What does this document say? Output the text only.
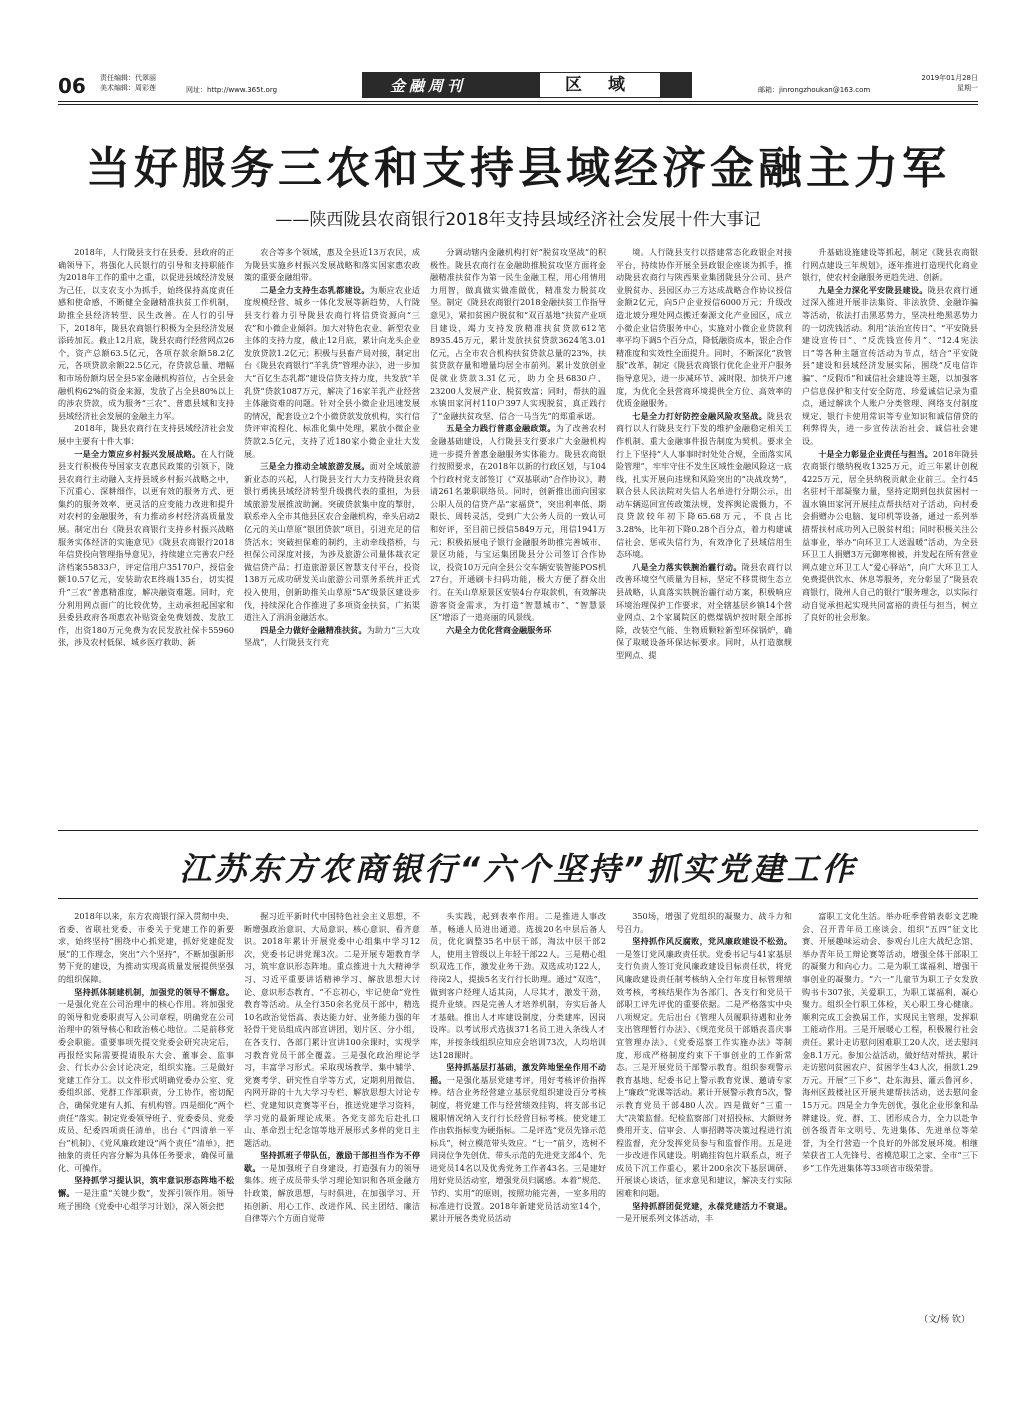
06 责任编辑：代翠丽
美术编辑：周彩莲	网址：http://www.365t.org	金融周刊	区 域	邮箱：jinrongzhoukan@163.com
2019年01月28日
星期一
当好服务三农和支持县域经济金融主力军
——陕西陇县农商银行2018年支持县域经济社会发展十件大事记

2018年，人行陇县支行在县委、县政府的正确领导下，将强化人民银行的引导和支持职能作为2018年工作的重中之重，以促进县域经济发展为己任，以支农支小为抓手，始终保持高度责任感和使命感，不断健全金融精准扶贫工作机制，助推全县经济转型、民生改善。在人行的引导下，2018年，陇县农商银行积极为全县经济发展添砖加瓦。截止12月底，陇县农商行经营网点26个，资产总额63.5亿元，各项存款余额58.2亿元，各项贷款余额22.5亿元，存贷款总量、增幅和市场份额均居全县5家金融机构首位，占全县金融机构62%的资金来源，发放了占全县80%以上的涉农贷款，成为服务“三农”、普惠县域和支持县域经济社会发展的金融主力军。

2018年，陇县农商行在支持县域经济社会发展中主要有十件大事：

一是全力策应乡村振兴发展战略。在人行陇县支行积极传导国家支农惠民政策的引领下，陇县农商行主动融入支持县域乡村振兴战略之中，下沉重心、深耕细作，以更有效的服务方式、更集约的服务效率、更灵活的应变能力改进和提升对农村的金融服务，有力推动乡村经济高质量发展。制定出台《陇县农商银行支持乡村振兴战略服务实体经济的实施意见》《陇县农商银行2018年信贷投向管理指导意见》，持续建立完善农户经济档案55833户，评定信用户35170户，授信金额10.57亿元，安装助农E终端135台，切实提升“三农”普惠精准度，解决融资难题。同时，充分利用网点面广的比较优势，主动承担起国家和县委县政府各项惠农补贴资金免费划拨、发放工作，出资180万元免费为农民发放社保卡55960张，涉及农村低保、城乡医疗救助、新

农合等多个领域，惠及全县近13万农民，成为陇县实施乡村振兴发展战略和落实国家惠农政策的重要金融组带。

二是全力支持生态乳都建设。为顺应农业适度规模经营、城乡一体化发展等新趋势，人行陇县支行着力引导陇县农商行将信贷资源向“三农”和小微企业倾斜。加大对特色农业、新型农业主体的支持力度，截止12月底，累计向龙头企业发放贷款1.2亿元；积极与县畜产局对接，制定出台《陇县农商银行“羊乳贷”管理办法》，进一步加大“百亿生态乳都”建设信贷支持力度，共发放“羊乳贷”贷款1087万元，解决了16家羊乳产业经营主体融资难的问题。针对全县小微企业迅速发展的情况，配套设立2个小微贷款发放机构，实行信贷评审流程化、标准化集中处理，累放小微企业贷款2.5亿元，支持了近180家小微企业壮大发展。

三是全力推动全域旅游发展。面对全域旅游新业态的兴起，人行陇县支行大力支持陇县农商银行勇挑县域经济转型升级携代表的重担，为县域旅游发展推波助澜。突破贷款集中度的掣肘，联系牵入全市其他县区农合金融机构，牵头启动2亿元的关山草原“银团贷款”项目，引进充足的信贷活水；突破担保难的制约，主动牵线搭桥，与担保公司深度对接，为涉及旅游公司量体裁衣定做信贷产品；打造旅游景区智慧支付平台，投资138万元成功研发关山旅游公司票务系统并正式投入使用，创新助推关山草原“5A”级景区建设步伐，持续深化合作推进了多项资金扶贫，广拓渠道注入了涓涓金融活水。

四是全力做好金融精准扶贫。为助力“三大攻坚战”，人行陇县支行充

分调动辖内金融机构打好“脱贫攻坚战”的积极性。陇县农商行在金融助推脱贫攻坚方面将金融精准扶贫作为第一民生金融工程，用心用情用力用智，做真做实做准做优，精准发力脱贫攻坚。制定《陇县农商银行2018金融扶贫工作指导意见》，紧扣贫困户脱贫和“双百基地”扶贫产业项目建设，竭力支持发放精准扶贫贷款612笔8935.45万元，累计发放扶贫贷款3624笔3.01亿元，占全市农合机构扶贫贷款总量的23%，扶贫贷款存量和增量均居全市前列。累计发放创业促就业贷款3.31亿元，助力全县6830户、23200人发展产业、脱贫致富；同时，帮扶的温水镇田家河村110户397人实现脱贫，真正践行了“金融扶贫攻坚、信合一马当先”的郑重承诺。

五是全力践行普惠金融政策。为了改善农村金融基础建设，人行陇县支行要求广大金融机构进一步提升普惠金融服务实体能力。陇县农商银行按照要求，在2018年以新的行政区划，与104个行政村党支部签订《“双基联动”合作协议》，聘请261名兼职联络员。同时，创新推出面向国家公职人员的信贷产品“家福贷”，突出利率低、期限长、周转灵活，受到广大公务人员的一致认可和好评，至目前已授信5849万元，用信1941万元；积极拓展电子银行金融服务助推完善城市、景区功能，与宝运集团陇县分公司签订合作协议，投资10万元向全县公交车辆安装智能POS机27台，开通刷卡扫码功能，极大方便了群众出行。在关山草原景区安装4台存取款机，有效解决游客资金需求，为打造“智慧城市”、“智慧景区”增添了一道亮丽的风景线。

六是全力优化营商金融服务环

境。人行陇县支行以搭建常态化政银企对接平台，持续协作开展全县政银企座谈为抓手，推动陇县农商行与陕西果业集团陇县分公司、县产业脱贫办、县园区办三方达成战略合作协议授信金额2亿元，向5户企业授信6000万元；升级改造北坡分理处网点搬迁秦源文化产业园区，成立小微企业信贷服务中心，实施对小微企业贷款利率平均下调5个百分点，降低融资成本，银企合作精准度和实效性全面提升。同时，不断深化“放管服”改革，制定《陇县农商银行优化企业开户服务指导意见》，进一步减环节、减时限、加快开户速度，为优化全县营商环境提供全方位、高效率的优质金融服务。

七是全力打好防控金融风险攻坚战。陇县农商行以人行陇县支行下发的维护金融稳定相关工作机制、重大金融事件报告制度为契机。要求全行上下坚持“人人事事时时处处合规，全面落实风险管理”，牢牢守住不发生区域性金融风险这一底线，扎实开展向违规和风险突出的“决战攻势”，联合县人民法院对失信人名单进行分期公示，出动车辆巡回宣传政策法规，发挥舆论震慑力，不良贷款较年初下降65.68万元，不良占比3.28%，比年初下降0.28个百分点，着力构建诚信社会、惩戒失信行为，有效净化了县域信用生态环境。

八是全力落实铁腕治霾行动。陇县农商行以改善环境空气质量为目标，坚定不移贯彻生态立县战略，认真落实铁腕治霾行动方案，积极响应环境治理保护工作要求，对全辖基层乡镇14个营业网点、2个家属院区的燃煤锅炉按时限全部拆除，改装空气能、生物质颗粒新型环保锅炉，确保了取暖设备环保达标要求。同时，从打造旗舰型网点、提

升基础设施建设等抓起，制定《陇县农商银行网点建设三年规划》，逐年推进打造现代化商业银行，使农村金融服务更趋先进、创新。

九是全力深化平安陇县建设。陇县农商行通过深入推进开展非法集资、非法放贷、金融诈骗等活动，依法打击黑恶势力，坚决杜绝黑恶势力的一切洗钱活动。利用“法治宣传日”、“平安陇县建设宣传日”、“反洗钱宣传月”、“12.4宪法日”等各种主题宣传活动为节点，结合“平安陇县”建设和县域经济发展实际，围绕“反电信诈骗”、“反假币”和诚信社会建设等主题，以加强客户信息保护和支付安全防范、珍爱诚信记录为重点，通过解读个人账户分类管理、网络支付制度规定、银行卡使用常识等专业知识和诚信借贷的利弊得失，进一步宣传法治社会、诚信社会建设。

十是全力彰显企业责任与担当。2018年陇县农商银行缴纳税收1325万元，近三年累计创税4225万元，居全县纳税贡献企业前三。全行45名驻村干部凝聚力量，坚持定期到包扶贫困村一温水镇田家河开展挂点帮扶结对子活动，向村委会捐赠办公电脑、复印机等设备，通过一系列举措帮扶村成功列入已脱贫村组；同时积极关注公益事业，举办“向环卫工人送温暖”活动，为全县环卫工人捐赠3万元御寒棉被，并发起在所有营业网点建立环卫工人“爱心驿站”，向广大环卫工人免费提供饮水、休息等服务，充分彰显了“陇县农商银行，陇州人自己的银行”服务理念，以实际行动自觉承担起实现共同富裕的责任与担当，树立了良好的社会形象。

江苏东方农商银行“六个坚持”抓实党建工作

2018年以来，东方农商银行深入贯彻中央、省委、省联社党委、市委关于党建工作的新要求，始终坚持“围绕中心抓党建，抓好党建促发展”的工作理念，突出“六个坚持”，不断加强新形势下党的建设，为推动实现高质量发展提供坚强的组织保障。

坚持抓体制建机制，加强党的领导不懈怠。一是强化党在公司治理中的核心作用。将加强党的领导和党委职责写入公司章程，明确党在公司治理中的领导核心和政治核心地位。二是前移党委会职能。重要事项先提交党委会研究决定后，再报经实际需要提请股东大会、董事会、监事会、行长办公会讨论决定，组织实施。三是做好党建工作分工。以文件形式明确党委办公室、党委组织部、党群工作部职责，分工协作，密切配合，确保党建有人抓、有机构管。四是细化“两个责任”落实。制定党委领导班子、党委委员、党委成员、纪委四项责任清单，出台《“四清单一平台”机制》、《党风廉政建设“两个责任”清单》，把抽象的责任内容分解为具体任务要求，确保可量化、可操作。

坚持抓学习提认识，筑牢意识形态阵地不松懈。一是注重“关键少数”，发挥引领作用。领导班子围绕《党委中心组学习计划》，深入领会把

握习近平新时代中国特色社会主义思想，不断增强政治意识、大局意识、核心意识、看齐意识。2018年累计开展党委中心组集中学习12次，党委书记讲党课3次。二是开展专题教育学习，筑牢意识形态阵地。重点推进十九大精神学习、习近平重要讲话精神学习、解放思想大讨论、意识形态教育、“不忘初心，牢记使命”党性教育等活动。从全行350余名党员干部中，精选10名政治觉悟高、表达能力好、业务能力强的年轻骨干党员组成内部宣讲团，划片区、分小组，在各支行、各部门累计宣讲100余课时，实现学习教育党员干部全覆盖。三是强化政治理论学习，丰富学习形式。采取现场教学、集中辅学、党赛考学、研究性自学等方式，定期利用微信、内网开辟的十九大学习专栏、解放思想大讨论专栏、党建知识竞赛等平台，推送党建学习资料，学习党的最新理论成果。各党支部先后赴扎口山、革命烈士纪念馆等地开展形式多样的党日主题活动。

坚持抓班子带队伍，激励干部担当作为不停歇。一是加强班子自身建设，打造强有力的领导集体。班子成员带头学习理论知识和各项金融方针政策，解放思想，与时俱进，在加强学习、开拓创新、用心工作、改进作风、民主团结、廉洁自律等六个方面自觉带

头实践，起到表率作用。二是推进人事改革，畅通人员进出通道。选拔20名中层后备人员，优化调整35名中层干部，淘汰中层干部2人，使用主管级以上年轻干部22人。三是精心组织双选工作，激发业务干劲。双选成功122人，待岗2人，提拔5名支行行长助理。通过“双选”，做到客户经理人适其岗，人尽其才，激发干劲，提升业绩。四是完善人才培养机制，夯实后备人才基础。推出人才库建设制度，分类建库，因岗设库。以考试形式选拔371名员工进入条线人才库，并按条线组织应知应会培训73次，人均培训达128课时。

坚持抓基层打基础，激发阵地堡垒作用不动摇。一是强化基层党建考评，用好考核评价指挥棒。结合业务经营建立基层党组织建设百分考核制度，将党建工作与经营绩效挂钩，将支部书记履职情况纳入支行行长经营目标考核。使党建工作由软指标变为硬指标。二是评选“党员先锋示范标兵”，树立模范带头效应。“七一”前夕，选树不同岗位争先创优、带头示范的先进党支部4个、先进党员14名以及优秀党务工作者43名。三是建好用好党员活动室，增强党员归属感。本着“规范、节约、实用”的原则，按照功能完善，一室多用的标准进行设置。2018年新建党员活动室14个，累计开展各类党员活动

350场，增强了党组织的凝聚力、战斗力和号召力。

坚持抓作风反腐败，党风廉政建设不松劲。一是签订党风廉政责任状。党委书记与41家基层支行负责人签订党风廉政建设目标责任状，将党风廉政建设责任制考核纳入全行年度目标管理绩效考核，考核结果作为各部门、各支行和党员干部职工评先评优的重要依据。二是严格落实中央八项规定。先后出台《管理人员履职待遇和业务支出管理暂行办法》、《规范党员干部婚丧喜庆事宜管理办法》、《党委巡察工作实施办法》等制度，形成严格制度约束下干事创业的工作新常态。三是开展党员干部警示教育。组织参观警示教育基地、纪委书记上警示教育党课、邀请专家上“廉政”党课等活动。累计开展警示教育5次，警示教育党员干部480人次。四是做好“三重一大”决策监督。纪检监察部门对招投标、大额财务费用开支、信审会、人事招聘等决策过程进行流程监督，充分发挥党员参与和监督作用。五是进一步改进作风建设。明确挂钩包片联系点，班子成员下沉工作重心，累计200余次下基层调研、开展谈心谈话，征求意见和建议，解决支行实际困难和问题。

坚持抓群团促党建，永葆党建活力不衰退。一是开展系列文体活动，丰

富职工文化生活。举办旺季营销表彰文艺晚会、召开青年员工座谈会、组织“五四”征文比赛、开展趣味运动会、参观台儿庄大战纪念馆、举办青年员工辩论赛等活动，增强全体干部职工的凝聚力和向心力。二是为职工谋福利、增强干事创业的凝聚力。“六一”儿童节为职工子女发放购书卡307张，关爱职工，为职工谋福利，凝心聚力。组织全行职工体检，关心职工身心健康。顺利完成工会换届工作，实现民主管理，发挥职工能动作用。三是开展暖心工程，积极履行社会责任。累计走访慰问困难职工20人次，送去慰问金8.1万元。参加公益活动，做好结对帮扶，累计走访慰问贫困农户、贫困学生43人次，捐款1.29万元。开展“三下乡”、赴东海县、灌云鲁河乡、海州区鼓楼社区开展共建帮扶活动，送去慰问金15万元。四是全力争先创优，强化企业形象和品牌建设。党、群、工、团形成合力，全力以赴争创各级青年文明号、先进集体、先进单位等荣誉，为全行营造一个良好的外部发展环境。相继荣获省工人先锋号、省模范职工之家、全市“三下乡”工作先进集体等33项省市级荣誉。

（文/杨 钦）
